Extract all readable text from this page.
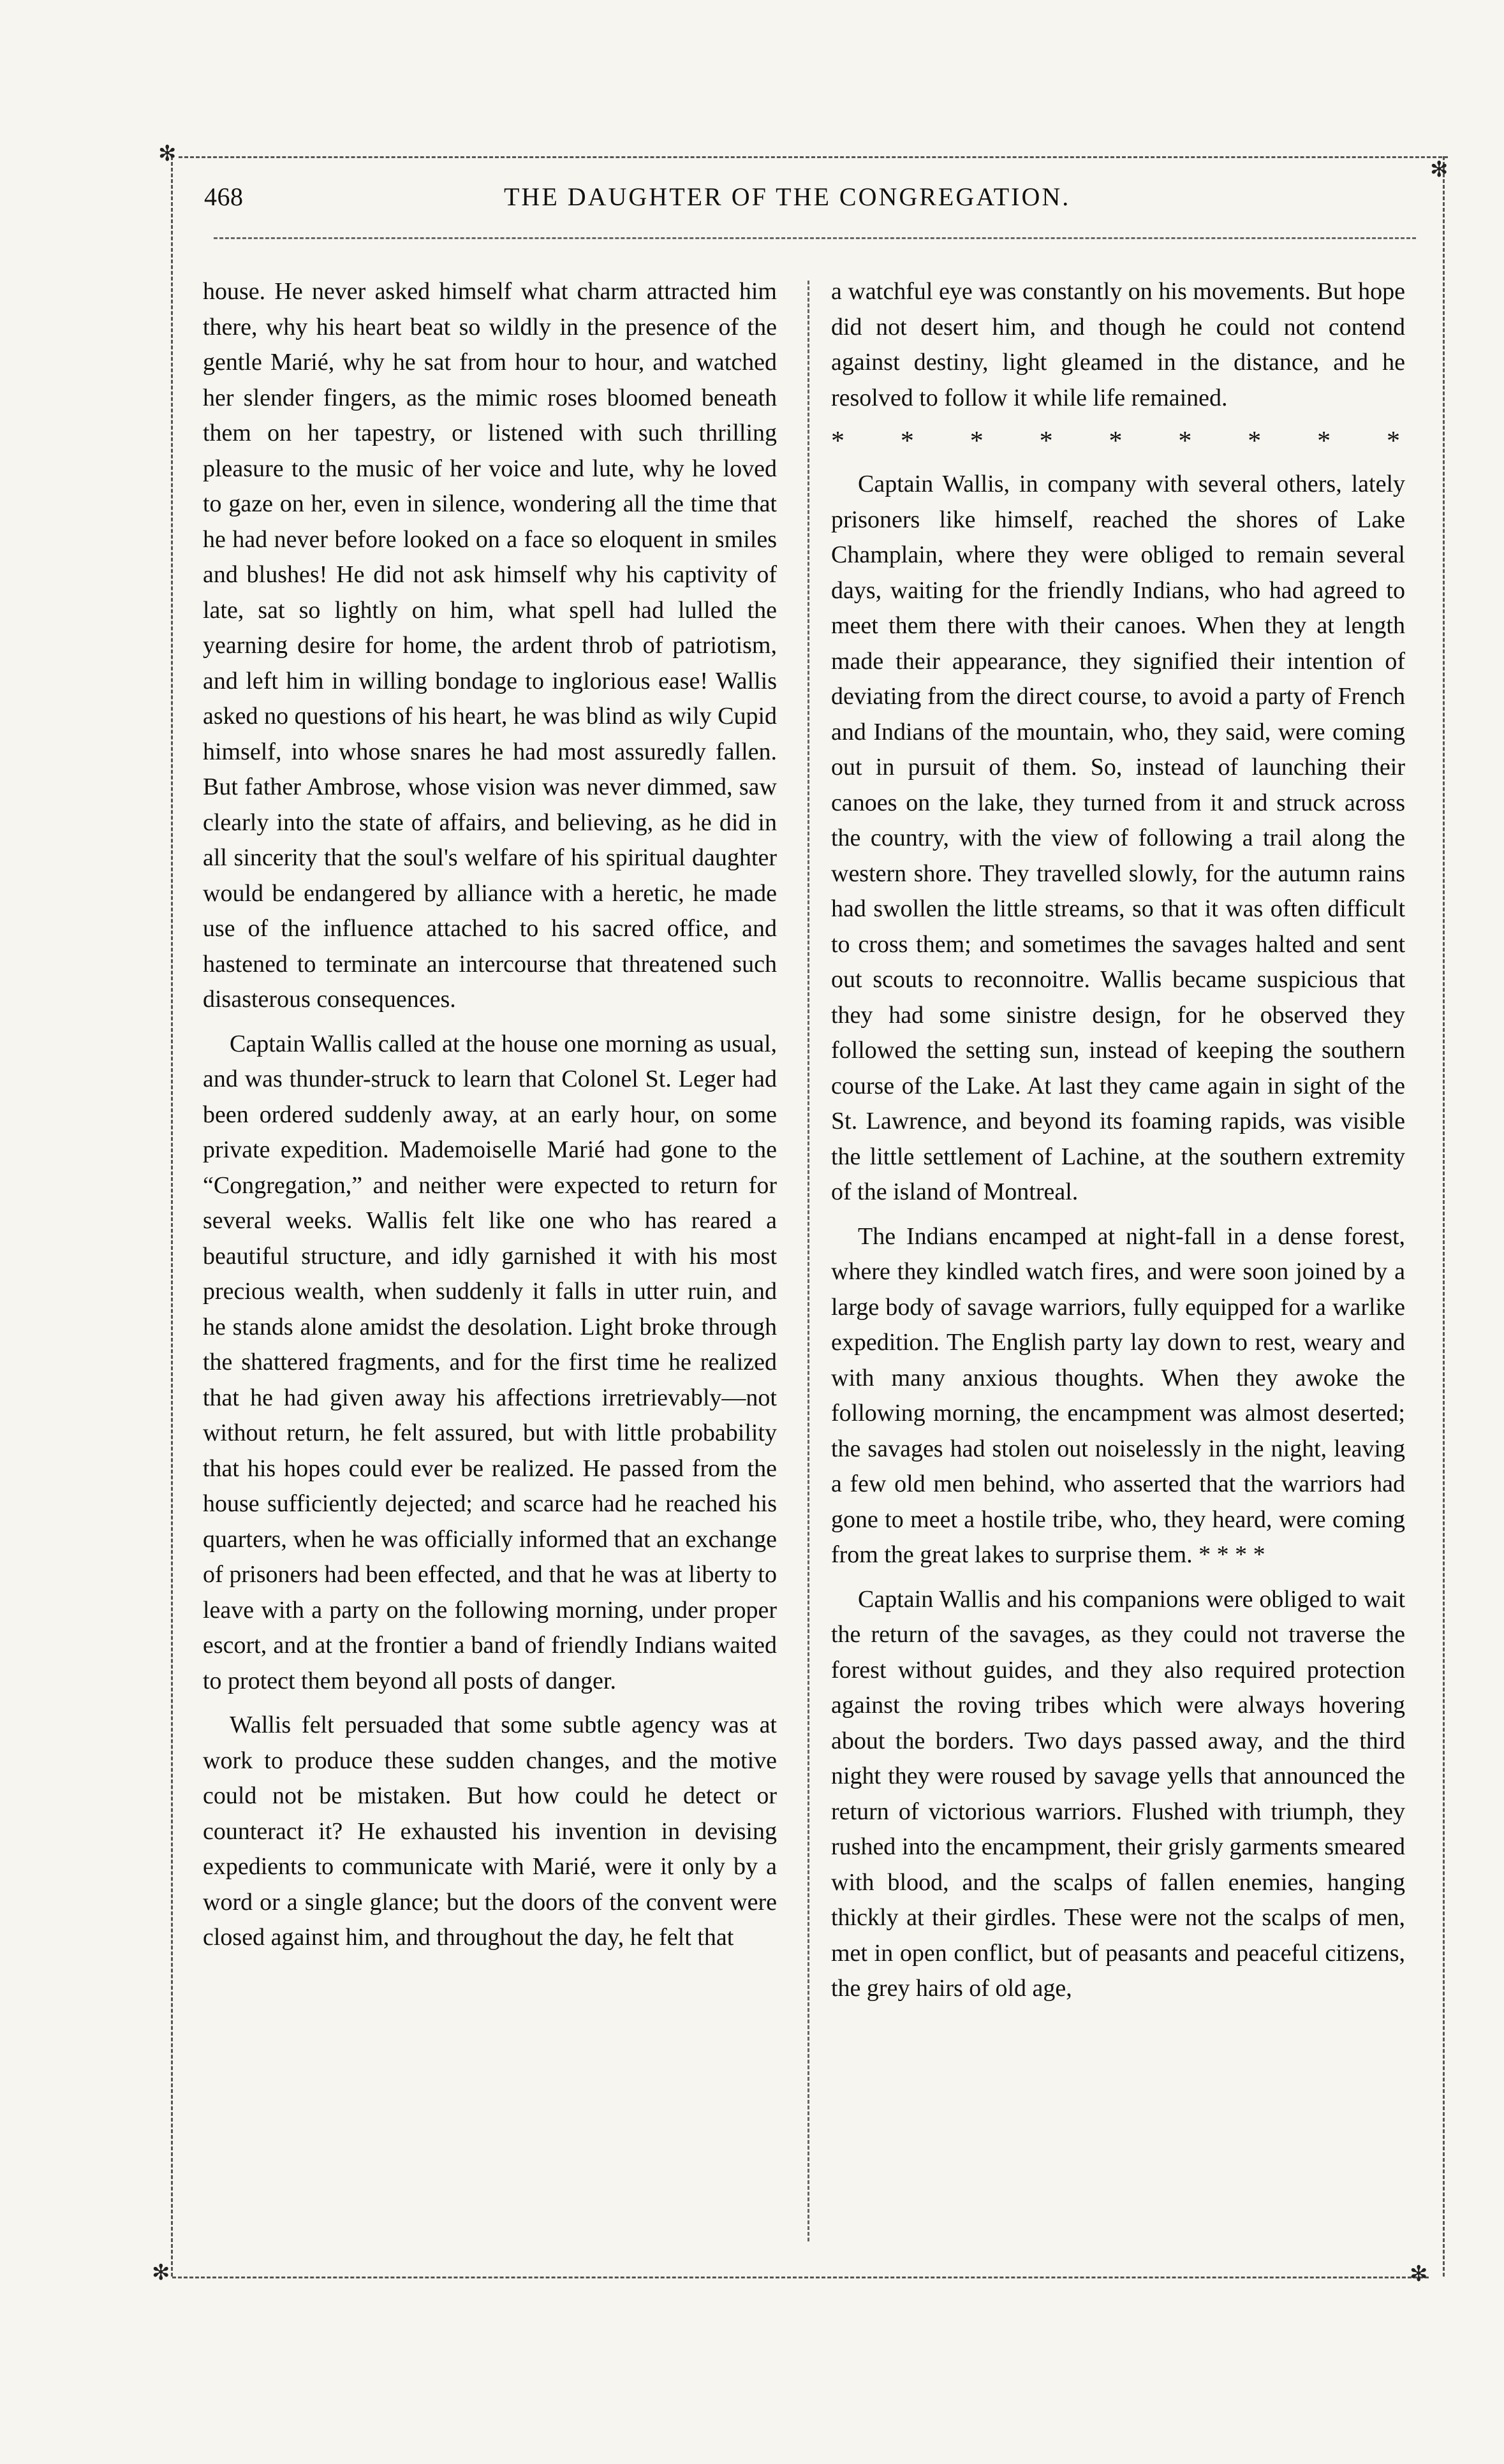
✻
✻
✻	✻
468	THE DAUGHTER OF THE CONGREGATION.

house. He never asked himself what charm attracted him there, why his heart beat so wildly in the presence of the gentle Marié, why he sat from hour to hour, and watched her slender fingers, as the mimic roses bloomed beneath them on her tapestry, or listened with such thrilling pleasure to the music of her voice and lute, why he loved to gaze on her, even in silence, wondering all the time that he had never before looked on a face so eloquent in smiles and blushes! He did not ask himself why his captivity of late, sat so lightly on him, what spell had lulled the yearning desire for home, the ardent throb of patriotism, and left him in willing bondage to inglorious ease! Wallis asked no questions of his heart, he was blind as wily Cupid himself, into whose snares he had most assuredly fallen. But father Ambrose, whose vision was never dimmed, saw clearly into the state of affairs, and believing, as he did in all sincerity that the soul's welfare of his spiritual daughter would be endangered by alliance with a heretic, he made use of the influence attached to his sacred office, and hastened to terminate an intercourse that threatened such disasterous consequences.

Captain Wallis called at the house one morning as usual, and was thunder-struck to learn that Colonel St. Leger had been ordered suddenly away, at an early hour, on some private expedition. Mademoiselle Marié had gone to the “Congregation,” and neither were expected to return for several weeks. Wallis felt like one who has reared a beautiful structure, and idly garnished it with his most precious wealth, when suddenly it falls in utter ruin, and he stands alone amidst the desolation. Light broke through the shattered fragments, and for the first time he realized that he had given away his affections irretrievably—not without return, he felt assured, but with little probability that his hopes could ever be realized. He passed from the house sufficiently dejected; and scarce had he reached his quarters, when he was officially informed that an exchange of prisoners had been effected, and that he was at liberty to leave with a party on the following morning, under proper escort, and at the frontier a band of friendly Indians waited to protect them beyond all posts of danger.

Wallis felt persuaded that some subtle agency was at work to produce these sudden changes, and the motive could not be mistaken. But how could he detect or counteract it? He exhausted his invention in devising expedients to communicate with Marié, were it only by a word or a single glance; but the doors of the convent were closed against him, and throughout the day, he felt that

a watchful eye was constantly on his movements. But hope did not desert him, and though he could not contend against destiny, light gleamed in the distance, and he resolved to follow it while life remained.

* * * * * * * * *

Captain Wallis, in company with several others, lately prisoners like himself, reached the shores of Lake Champlain, where they were obliged to remain several days, waiting for the friendly Indians, who had agreed to meet them there with their canoes. When they at length made their appearance, they signified their intention of deviating from the direct course, to avoid a party of French and Indians of the mountain, who, they said, were coming out in pursuit of them. So, instead of launching their canoes on the lake, they turned from it and struck across the country, with the view of following a trail along the western shore. They travelled slowly, for the autumn rains had swollen the little streams, so that it was often difficult to cross them; and sometimes the savages halted and sent out scouts to reconnoitre. Wallis became suspicious that they had some sinistre design, for he observed they followed the setting sun, instead of keeping the southern course of the Lake. At last they came again in sight of the St. Lawrence, and beyond its foaming rapids, was visible the little settlement of Lachine, at the southern extremity of the island of Montreal.

The Indians encamped at night-fall in a dense forest, where they kindled watch fires, and were soon joined by a large body of savage warriors, fully equipped for a warlike expedition. The English party lay down to rest, weary and with many anxious thoughts. When they awoke the following morning, the encampment was almost deserted; the savages had stolen out noiselessly in the night, leaving a few old men behind, who asserted that the warriors had gone to meet a hostile tribe, who, they heard, were coming from the great lakes to surprise them. * * * *

Captain Wallis and his companions were obliged to wait the return of the savages, as they could not traverse the forest without guides, and they also required protection against the roving tribes which were always hovering about the borders. Two days passed away, and the third night they were roused by savage yells that announced the return of victorious warriors. Flushed with triumph, they rushed into the encampment, their grisly garments smeared with blood, and the scalps of fallen enemies, hanging thickly at their girdles. These were not the scalps of men, met in open conflict, but of peasants and peaceful citizens, the grey hairs of old age,
